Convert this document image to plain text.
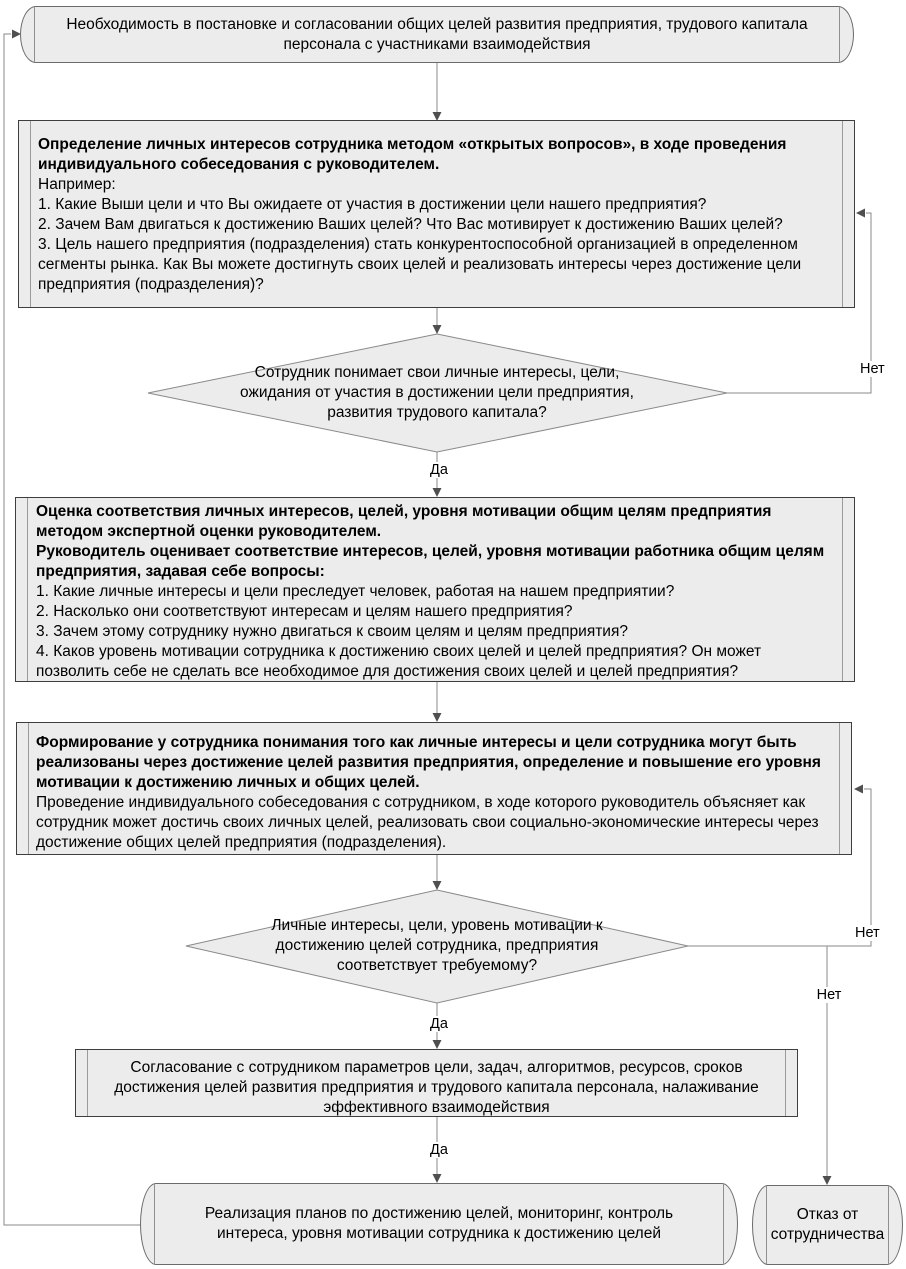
Необходимость в постановке и согласовании общих целей развития предприятия, трудового капитала
персонала с участниками взаимодействия
Определение личных интересов сотрудника методом «открытых вопросов», в ходе проведения индивидуального собеседования с руководителем.
Например:
1. Какие Выши цели и что Вы ожидаете от участия в достижении цели нашего предприятия?
2. Зачем Вам двигаться к достижению Ваших целей? Что Вас мотивирует к достижению Ваших целей?
3. Цель нашего предприятия (подразделения) стать конкурентоспособной организацией в определенном сегменты рынка. Как Вы можете достигнуть своих целей и реализовать интересы через достижение цели предприятия (подразделения)?
Сотрудник понимает свои личные интересы, цели,
ожидания от участия в достижении цели предприятия,
развития трудового капитала?
Оценка соответствия личных интересов, целей, уровня мотивации общим целям предприятия методом экспертной оценки руководителем.
Руководитель оценивает соответствие интересов, целей, уровня мотивации работника общим целям предприятия, задавая себе вопросы:
1. Какие личные интересы и цели преследует человек, работая на нашем предприятии?
2. Насколько они соответствуют интересам и целям нашего предприятия?
3. Зачем этому сотруднику нужно двигаться к своим целям и целям предприятия?
4. Каков уровень мотивации сотрудника к достижению своих целей и целей предприятия? Он может позволить себе не сделать все необходимое для достижения своих целей и целей предприятия?
Формирование у сотрудника понимания того как личные интересы и цели сотрудника могут быть реализованы через достижение целей развития предприятия, определение и повышение его уровня мотивации к достижению личных и общих целей.
Проведение индивидуального собеседования с сотрудником, в ходе которого руководитель объясняет как сотрудник может достичь своих личных целей, реализовать свои социально-экономические интересы через достижение общих целей предприятия (подразделения).
Личные интересы, цели, уровень мотивации к
достижению целей сотрудника, предприятия
соответствует требуемому?
Согласование с сотрудником параметров цели, задач, алгоритмов, ресурсов, сроков
достижения целей развития предприятия и трудового капитала персонала, налаживание
эффективного взаимодействия
Реализация планов по достижению целей, мониторинг, контроль
интереса, уровня мотивации сотрудника к достижению целей
Отказ от
сотрудничества
Да
Да
Да
Нет
Нет
Нет
